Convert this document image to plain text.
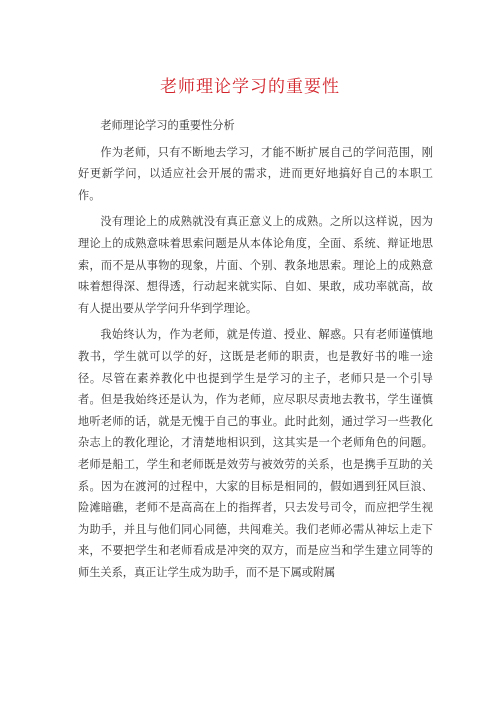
老师理论学习的重要性

老师理论学习的重要性分析

作为老师，只有不断地去学习，才能不断扩展自己的学问范围，刚好更新学问，以适应社会开展的需求，进而更好地搞好自己的本职工作。

没有理论上的成熟就没有真正意义上的成熟。之所以这样说，因为理论上的成熟意味着思索问题是从本体论角度，全面、系统、辩证地思索，而不是从事物的现象，片面、个别、教条地思索。理论上的成熟意味着想得深、想得透，行动起来就实际、自如、果敢，成功率就高，故有人提出要从学学问升华到学理论。

我始终认为，作为老师，就是传道、授业、解惑。只有老师谨慎地教书，学生就可以学的好，这既是老师的职责，也是教好书的唯一途径。尽管在素养教化中也提到学生是学习的主子，老师只是一个引导者。但是我始终还是认为，作为老师，应尽职尽责地去教书，学生谨慎地听老师的话，就是无愧于自己的事业。此时此刻，通过学习一些教化杂志上的教化理论，才清楚地相识到，这其实是一个老师角色的问题。老师是船工，学生和老师既是效劳与被效劳的关系，也是携手互助的关系。因为在渡河的过程中，大家的目标是相同的，假如遇到狂风巨浪、险滩暗礁，老师不是高高在上的指挥者，只去发号司令，而应把学生视为助手，并且与他们同心同德，共闯难关。我们老师必需从神坛上走下来，不要把学生和老师看成是冲突的双方，而是应当和学生建立同等的师生关系，真正让学生成为助手，而不是下属或附属
